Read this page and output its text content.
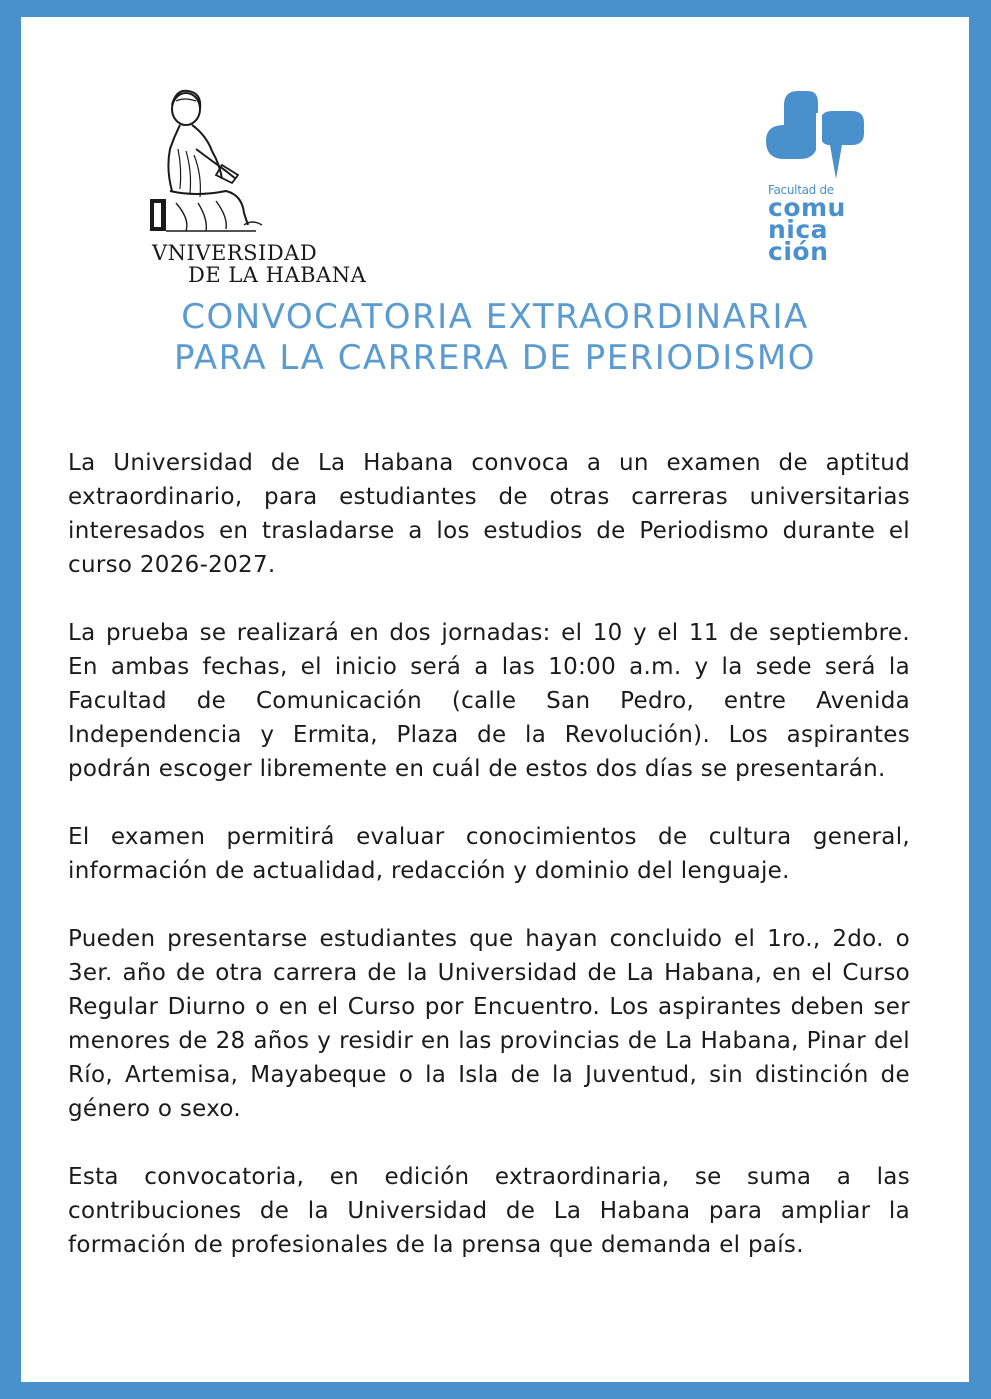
VNIVERSIDAD
DE LA HABANA
Facultad de
comu
nica
ción
CONVOCATORIA EXTRAORDINARIA
PARA LA CARRERA DE PERIODISMO

La Universidad de La Habana convoca a un examen de aptitud extraordinario, para estudiantes de otras carreras universitarias interesados en trasladarse a los estudios de Periodismo durante el curso 2026-2027.

La prueba se realizará en dos jornadas: el 10 y el 11 de septiembre. En ambas fechas, el inicio será a las 10:00 a.m. y la sede será la Facultad de Comunicación (calle San Pedro, entre Avenida Independencia y Ermita, Plaza de la Revolución). Los aspirantes podrán escoger libremente en cuál de estos dos días se presentarán.

El examen permitirá evaluar conocimientos de cultura general, información de actualidad, redacción y dominio del lenguaje.

Pueden presentarse estudiantes que hayan concluido el 1ro., 2do. o 3er. año de otra carrera de la Universidad de La Habana, en el Curso Regular Diurno o en el Curso por Encuentro. Los aspirantes deben ser menores de 28 años y residir en las provincias de La Habana, Pinar del Río, Artemisa, Mayabeque o la Isla de la Juventud, sin distinción de género o sexo.

Esta convocatoria, en edición extraordinaria, se suma a las contribuciones de la Universidad de La Habana para ampliar la formación de profesionales de la prensa que demanda el país.
